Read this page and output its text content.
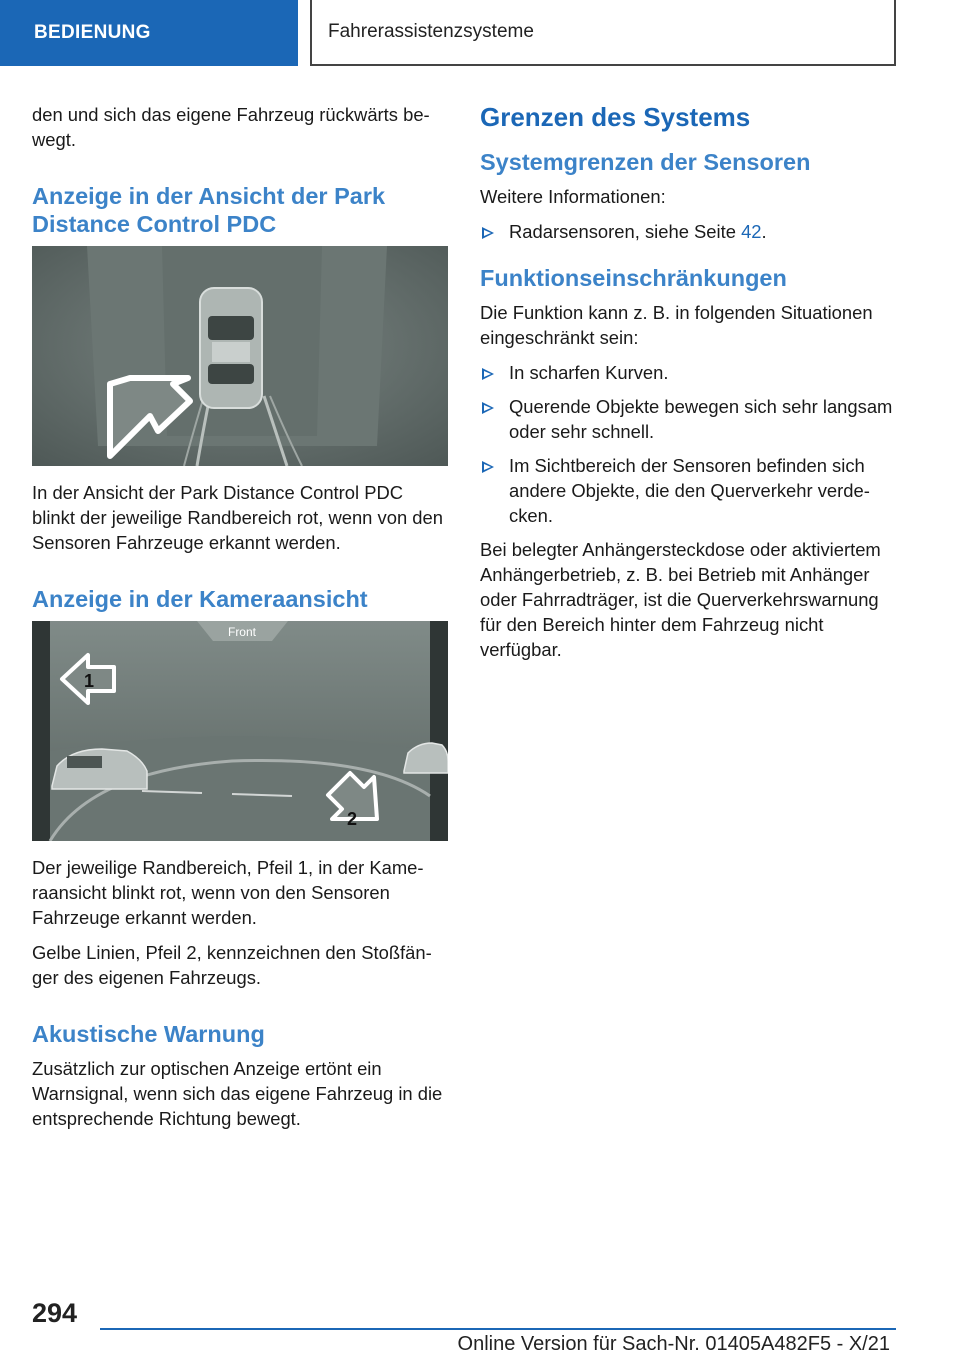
BEDIENUNG	Fahrerassistenzsysteme

den und sich das eigene Fahrzeug rückwärts bewegt.

Anzeige in der Ansicht der Park Distance Control PDC

In der Ansicht der Park Distance Control PDC blinkt der jeweilige Randbereich rot, wenn von den Sensoren Fahrzeuge erkannt werden.

Anzeige in der Kameraansicht
Front
1
2

Der jeweilige Randbereich, Pfeil 1, in der Kameraansicht blinkt rot, wenn von den Sensoren Fahrzeuge erkannt werden.

Gelbe Linien, Pfeil 2, kennzeichnen den Stoßfänger des eigenen Fahrzeugs.

Akustische Warnung

Zusätzlich zur optischen Anzeige ertönt ein Warnsignal, wenn sich das eigene Fahrzeug in die entsprechende Richtung bewegt.

Grenzen des Systems
Systemgrenzen der Sensoren

Weitere Informationen:

Radarsensoren, siehe Seite 42.
Funktionseinschränkungen

Die Funktion kann z. B. in folgenden Situationen eingeschränkt sein:

In scharfen Kurven.
Querende Objekte bewegen sich sehr langsam oder sehr schnell.
Im Sichtbereich der Sensoren befinden sich andere Objekte, die den Querverkehr verdecken.

Bei belegter Anhängersteckdose oder aktiviertem Anhängerbetrieb, z. B. bei Betrieb mit Anhänger oder Fahrradträger, ist die Querverkehrswarnung für den Bereich hinter dem Fahrzeug nicht verfügbar.

294
Online Version für Sach-Nr. 01405A482F5 - X/21
